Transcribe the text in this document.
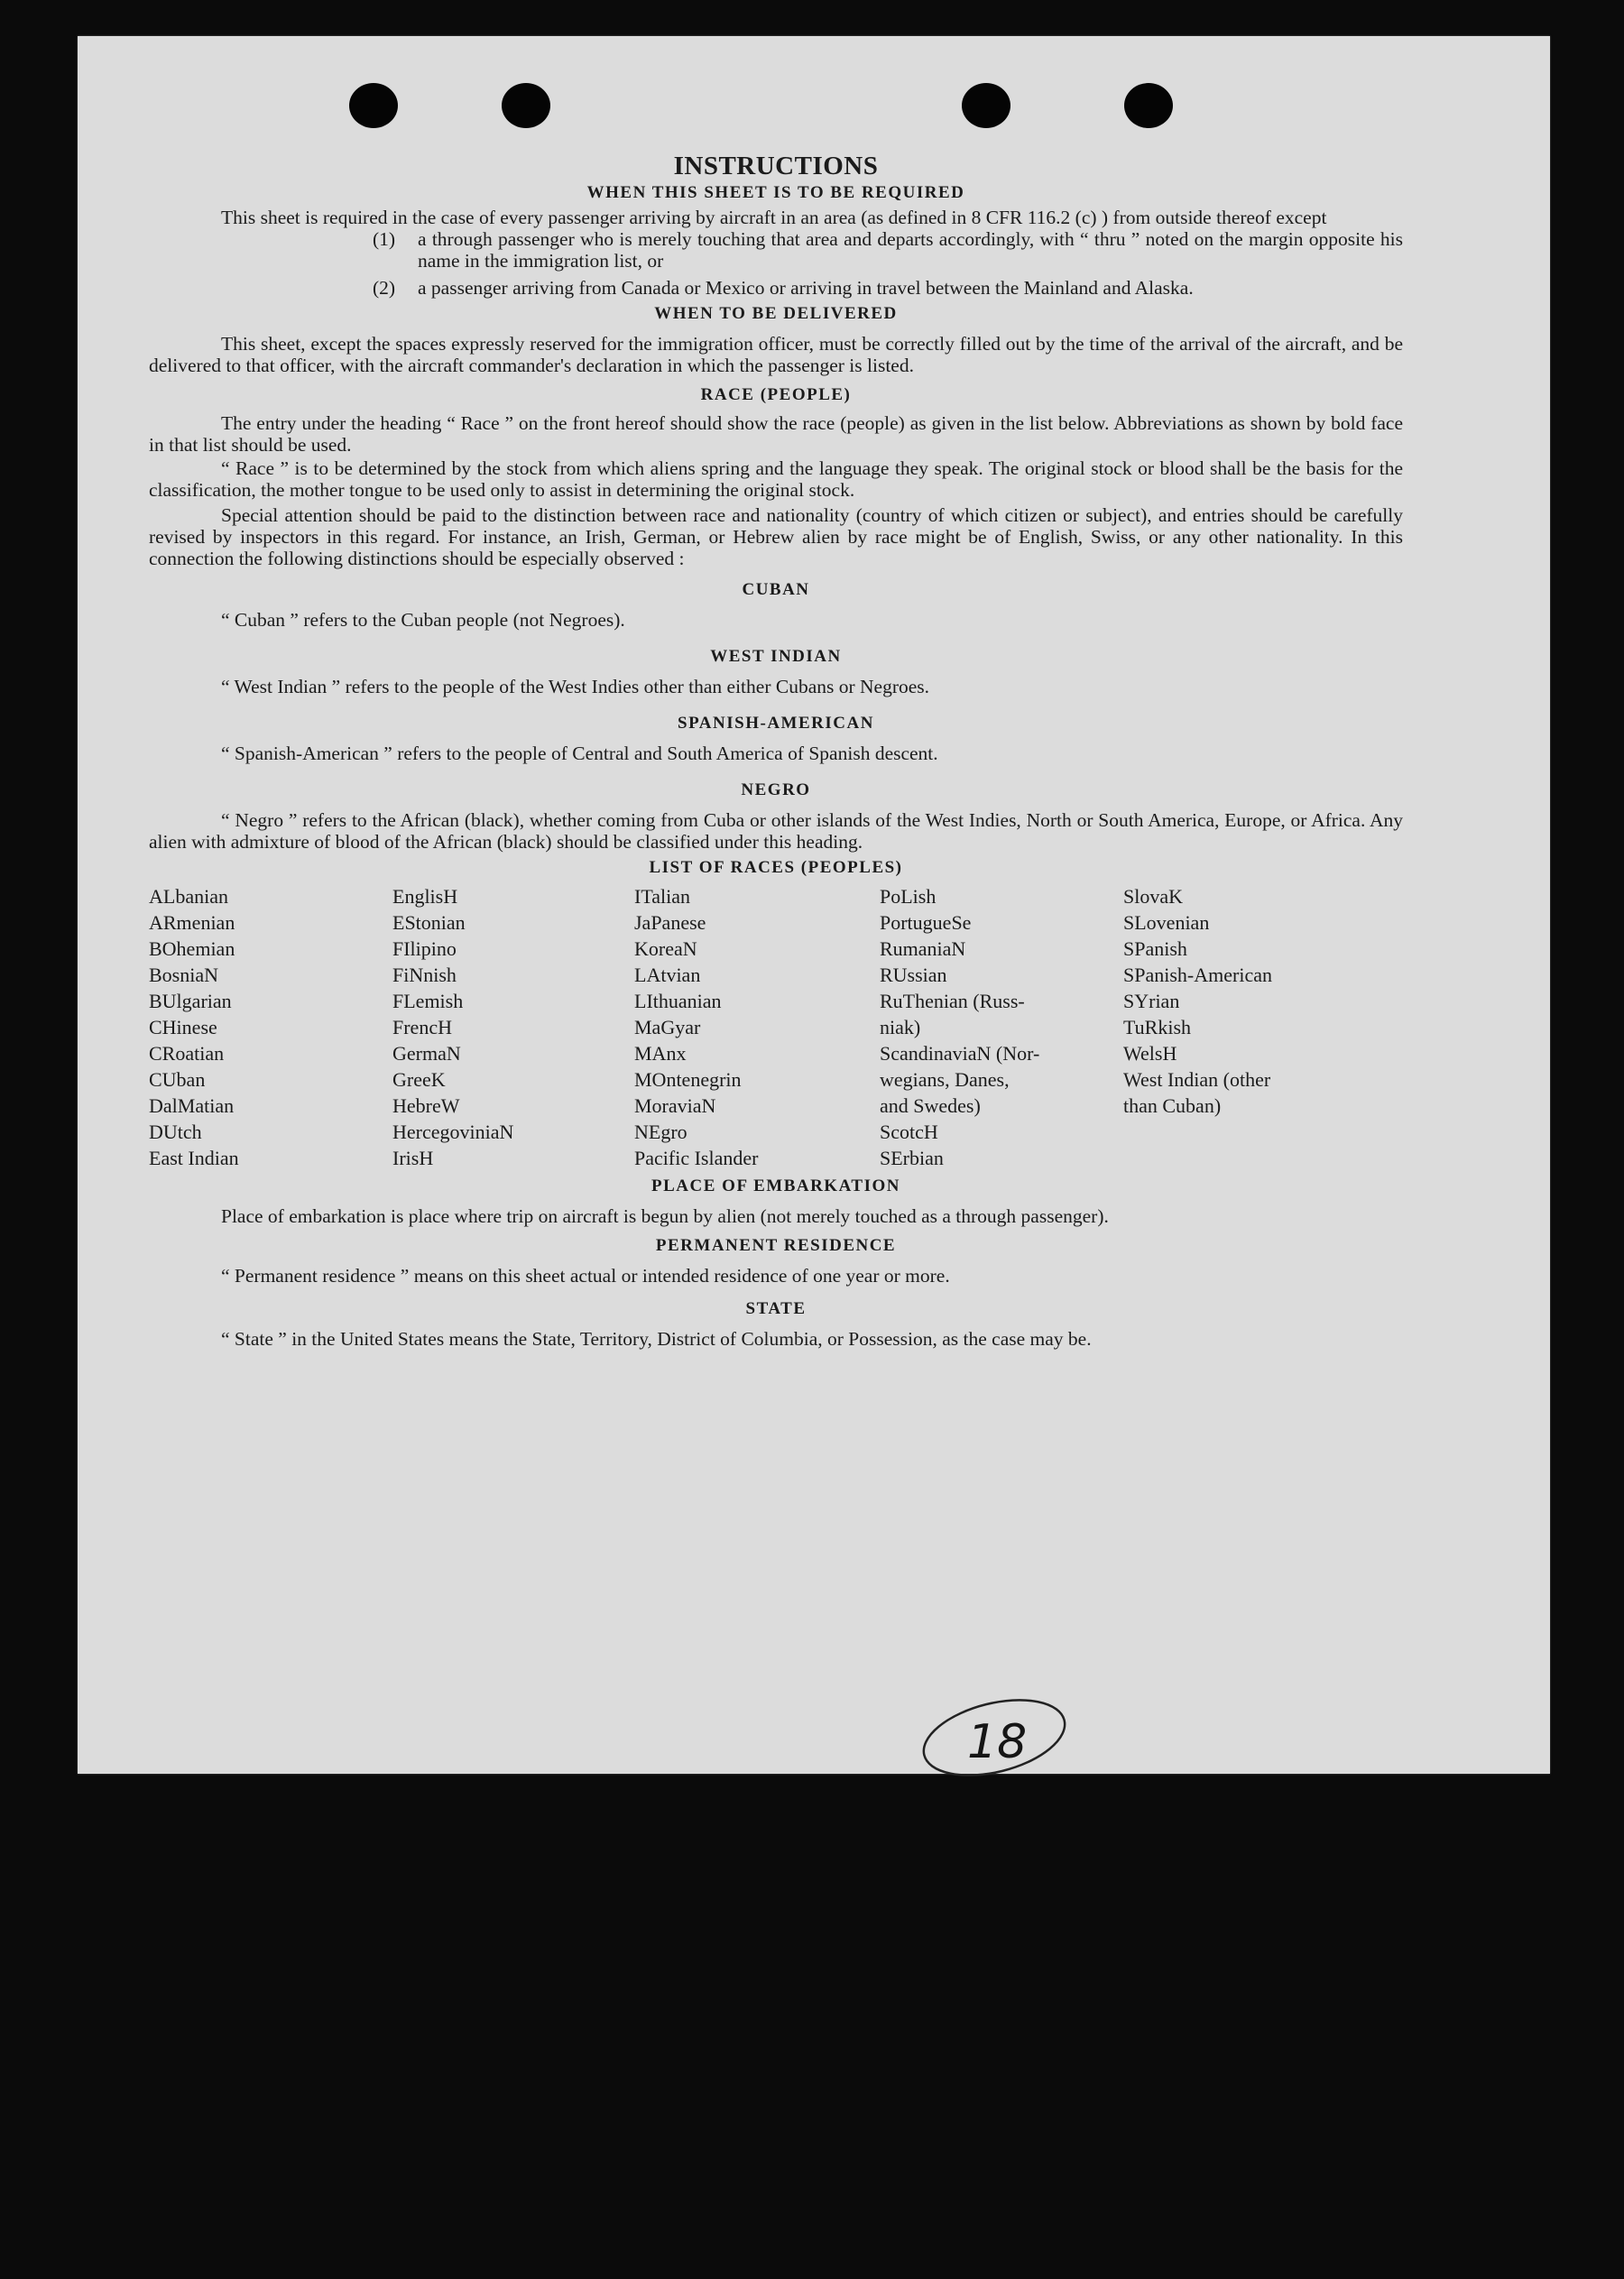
18
INSTRUCTIONS
WHEN THIS SHEET IS TO BE REQUIRED

This sheet is required in the case of every passenger arriving by aircraft in an area (as defined in 8 CFR 116.2 (c) ) from outside thereof except

(1)	a through passenger who is merely touching that area and departs accordingly, with “ thru ” noted on the margin opposite his name in the immigration list, or
(2)	a passenger arriving from Canada or Mexico or arriving in travel between the Mainland and Alaska.
WHEN TO BE DELIVERED

This sheet, except the spaces expressly reserved for the immigration officer, must be correctly filled out by the time of the arrival of the aircraft, and be delivered to that officer, with the aircraft commander's declaration in which the passenger is listed.

RACE (PEOPLE)

The entry under the heading “ Race ” on the front hereof should show the race (people) as given in the list below. Abbreviations as shown by bold face in that list should be used.

“ Race ” is to be determined by the stock from which aliens spring and the language they speak. The original stock or blood shall be the basis for the classification, the mother tongue to be used only to assist in determining the original stock.

Special attention should be paid to the distinction between race and nationality (country of which citizen or subject), and entries should be carefully revised by inspectors in this regard. For instance, an Irish, German, or Hebrew alien by race might be of English, Swiss, or any other nationality. In this connection the following distinctions should be especially observed :

CUBAN

“ Cuban ” refers to the Cuban people (not Negroes).

WEST INDIAN

“ West Indian ” refers to the people of the West Indies other than either Cubans or Negroes.

SPANISH-AMERICAN

“ Spanish-American ” refers to the people of Central and South America of Spanish descent.

NEGRO

“ Negro ” refers to the African (black), whether coming from Cuba or other islands of the West Indies, North or South America, Europe, or Africa. Any alien with admixture of blood of the African (black) should be classified under this heading.

LIST OF RACES (PEOPLES)
ALbanian
ARmenian
BOhemian
BosniaN
BUlgarian
CHinese
CRoatian
CUban
DalMatian
DUtch
East Indian
EnglisH
EStonian
FIlipino
FiNnish
FLemish
FrencH
GermaN
GreeK
HebreW
HercegoviniaN
IrisH
ITalian
JaPanese
KoreaN
LAtvian
LIthuanian
MaGyar
MAnx
MOntenegrin
MoraviaN
NEgro
Pacific Islander
PoLish
PortugueSe
RumaniaN
RUssian
RuThenian (Russ-
niak)
ScandinaviaN (Nor-
wegians, Danes,
and Swedes)
ScotcH
SErbian
SlovaK
SLovenian
SPanish
SPanish-American
SYrian
TuRkish
WelsH
West Indian (other
than Cuban)
PLACE OF EMBARKATION

Place of embarkation is place where trip on aircraft is begun by alien (not merely touched as a through passenger).

PERMANENT RESIDENCE

“ Permanent residence ” means on this sheet actual or intended residence of one year or more.

STATE

“ State ” in the United States means the State, Territory, District of Columbia, or Possession, as the case may be.
